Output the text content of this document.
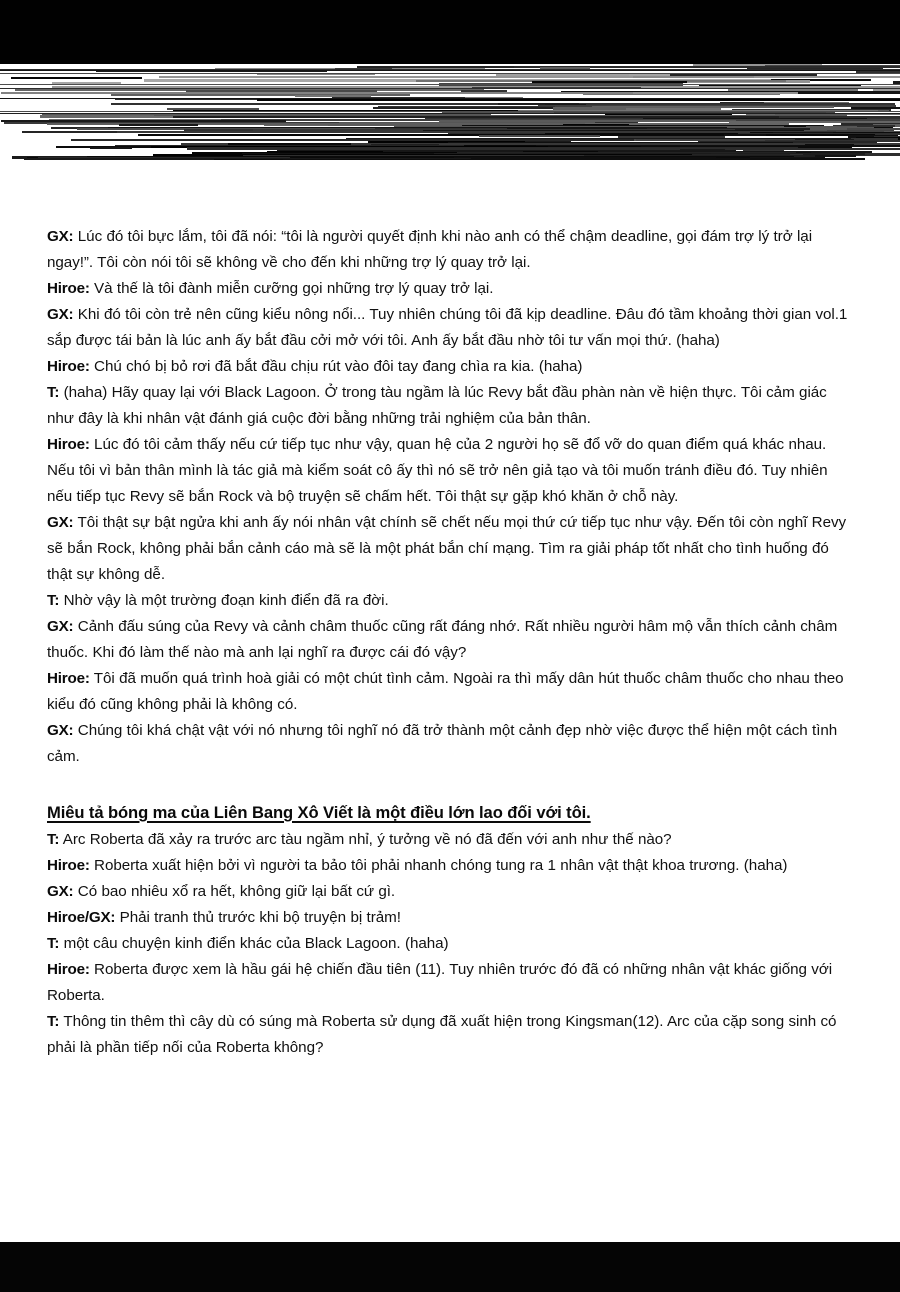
GX: Lúc đó tôi bực lắm, tôi đã nói: “tôi là người quyết định khi nào anh có thể chậm deadline, gọi đám trợ lý trở lại ngay!”. Tôi còn nói tôi sẽ không về cho đến khi những trợ lý quay trở lại.
Hiroe: Và thế là tôi đành miễn cưỡng gọi những trợ lý quay trở lại.
GX: Khi đó tôi còn trẻ nên cũng kiểu nông nổi... Tuy nhiên chúng tôi đã kịp deadline. Đâu đó tầm khoảng thời gian vol.1 sắp được tái bản là lúc anh ấy bắt đầu cởi mở với tôi. Anh ấy bắt đầu nhờ tôi tư vấn mọi thứ. (haha)
Hiroe: Chú chó bị bỏ rơi đã bắt đầu chịu rút vào đôi tay đang chìa ra kia. (haha)
T: (haha) Hãy quay lại với Black Lagoon. Ở trong tàu ngầm là lúc Revy bắt đầu phàn nàn về hiện thực. Tôi cảm giác như đây là khi nhân vật đánh giá cuộc đời bằng những trải nghiệm của bản thân.
Hiroe: Lúc đó tôi cảm thấy nếu cứ tiếp tục như vậy, quan hệ của 2 người họ sẽ đổ vỡ do quan điểm quá khác nhau. Nếu tôi vì bản thân mình là tác giả mà kiểm soát cô ấy thì nó sẽ trở nên giả tạo và tôi muốn tránh điều đó. Tuy nhiên nếu tiếp tục Revy sẽ bắn Rock và bộ truyện sẽ chấm hết. Tôi thật sự gặp khó khăn ở chỗ này.
GX: Tôi thật sự bật ngửa khi anh ấy nói nhân vật chính sẽ chết nếu mọi thứ cứ tiếp tục như vậy. Đến tôi còn nghĩ Revy sẽ bắn Rock, không phải bắn cảnh cáo mà sẽ là một phát bắn chí mạng. Tìm ra giải pháp tốt nhất cho tình huống đó thật sự không dễ.
T: Nhờ vậy là một trường đoạn kinh điển đã ra đời.
GX: Cảnh đấu súng của Revy và cảnh châm thuốc cũng rất đáng nhớ. Rất nhiều người hâm mộ vẫn thích cảnh châm thuốc. Khi đó làm thế nào mà anh lại nghĩ ra được cái đó vậy?
Hiroe: Tôi đã muốn quá trình hoà giải có một chút tình cảm. Ngoài ra thì mấy dân hút thuốc châm thuốc cho nhau theo kiểu đó cũng không phải là không có.
GX: Chúng tôi khá chật vật với nó nhưng tôi nghĩ nó đã trở thành một cảnh đẹp nhờ việc được thể hiện một cách tình cảm.
Miêu tả bóng ma của Liên Bang Xô Viết là một điều lớn lao đối với tôi.
T: Arc Roberta đã xảy ra trước arc tàu ngầm nhỉ, ý tưởng về nó đã đến với anh như thế nào?
Hiroe: Roberta xuất hiện bởi vì người ta bảo tôi phải nhanh chóng tung ra 1 nhân vật thật khoa trương. (haha)
GX: Có bao nhiêu xổ ra hết, không giữ lại bất cứ gì.
Hiroe/GX: Phải tranh thủ trước khi bộ truyện bị trảm!
T: một câu chuyện kinh điển khác của Black Lagoon. (haha)
Hiroe: Roberta được xem là hầu gái hệ chiến đầu tiên (11). Tuy nhiên trước đó đã có những nhân vật khác giống với Roberta.
T: Thông tin thêm thì cây dù có súng mà Roberta sử dụng đã xuất hiện trong Kingsman(12). Arc của cặp song sinh có phải là phần tiếp nối của Roberta không?
